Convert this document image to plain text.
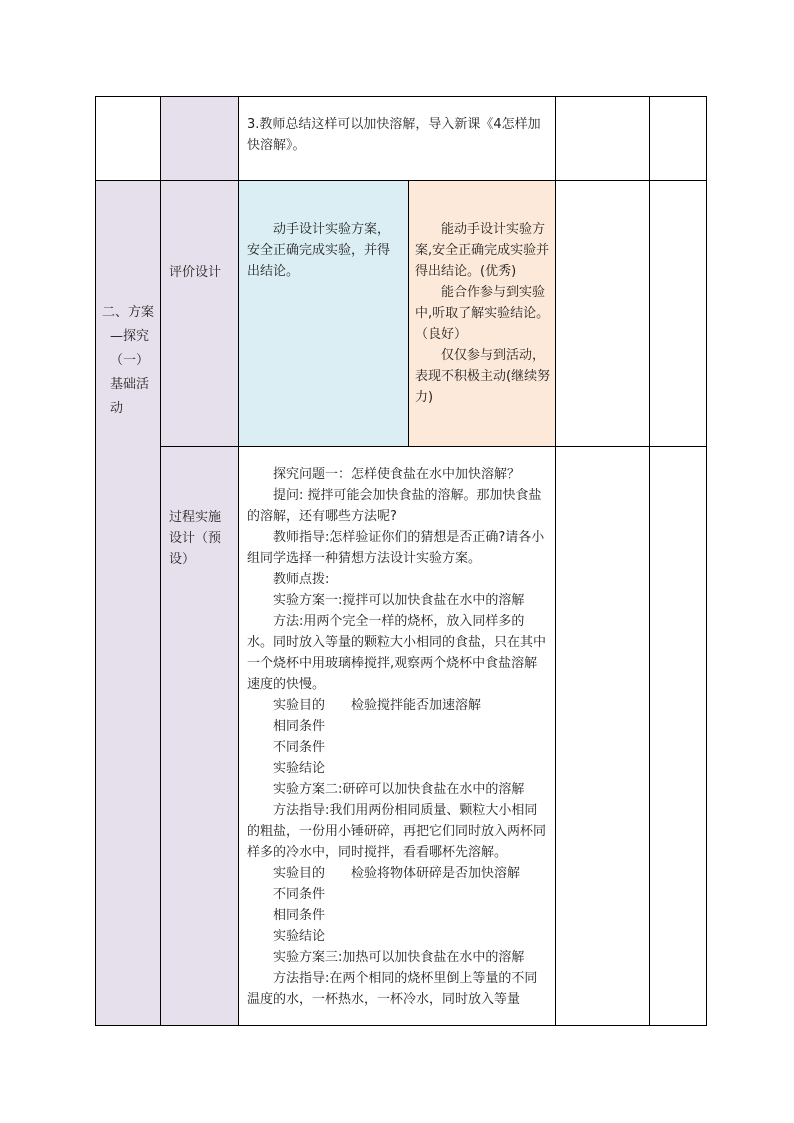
3.教师总结这样可以加快溶解，导入新课《4怎样加快溶解》。

二、方案
—探究
（一）基础活动
评价设计

动手设计实验方案，安全正确完成实验，并得出结论。

能动手设计实验方案,安全正确完成实验并得出结论。(优秀)

能合作参与到实验中,听取了解实验结论。（良好）

仅仅参与到活动，表现不积极主动(继续努力)

过程实施设计（预设）

探究问题一：怎样使食盐在水中加快溶解？

提问: 搅拌可能会加快食盐的溶解。那加快食盐的溶解，还有哪些方法呢?

教师指导:怎样验证你们的猜想是否正确?请各小组同学选择一种猜想方法设计实验方案。

教师点拨:

实验方案一:搅拌可以加快食盐在水中的溶解

方法:用两个完全一样的烧杯，放入同样多的水。同时放入等量的颗粒大小相同的食盐，只在其中一个烧杯中用玻璃棒搅拌,观察两个烧杯中食盐溶解速度的快慢。

实验目的　　检验搅拌能否加速溶解

相同条件

不同条件

实验结论

实验方案二:研碎可以加快食盐在水中的溶解

方法指导:我们用两份相同质量、颗粒大小相同的粗盐，一份用小锤研碎，再把它们同时放入两杯同样多的冷水中，同时搅拌，看看哪杯先溶解。

实验目的　　检验将物体研碎是否加快溶解

不同条件

相同条件

实验结论

实验方案三:加热可以加快食盐在水中的溶解

方法指导:在两个相同的烧杯里倒上等量的不同温度的水，一杯热水，一杯冷水，同时放入等量
